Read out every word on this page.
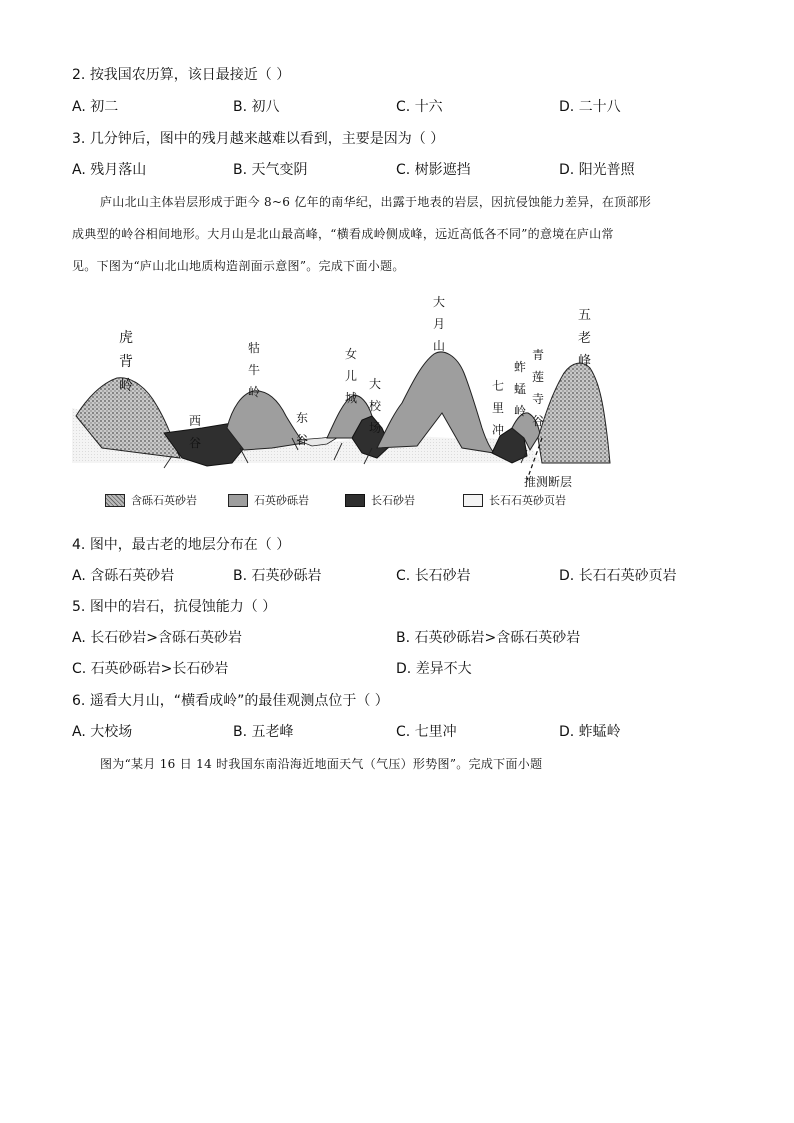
2. 按我国农历算，该日最接近（ ）
A. 初二	B. 初八	C. 十六	D. 二十八
3. 几分钟后，图中的残月越来越难以看到，主要是因为（ ）
A. 残月落山	B. 天气变阴	C. 树影遮挡	D. 阳光普照
庐山北山主体岩层形成于距今 8~6 亿年的南华纪，出露于地表的岩层，因抗侵蚀能力差异，在顶部形
成典型的岭谷相间地形。大月山是北山最高峰，“横看成岭侧成峰，远近高低各不同”的意境在庐山常
见。下图为“庐山北山地质构造剖面示意图”。完成下面小题。
虎背岭
西谷
牯牛岭
东谷
女儿城
大校场
大月山
七里冲
蚱蜢岭
青莲寺谷
五老峰
推测断层
含砾石英砂岩	石英砂砾岩	长石砂岩	长石石英砂页岩
4. 图中，最古老的地层分布在（ ）
A. 含砾石英砂岩	B. 石英砂砾岩	C. 长石砂岩	D. 长石石英砂页岩
5. 图中的岩石，抗侵蚀能力（ ）
A. 长石砂岩>含砾石英砂岩	B. 石英砂砾岩>含砾石英砂岩
C. 石英砂砾岩>长石砂岩	D. 差异不大
6. 遥看大月山，“横看成岭”的最佳观测点位于（ ）
A. 大校场	B. 五老峰	C. 七里冲	D. 蚱蜢岭
图为“某月 16 日 14 时我国东南沿海近地面天气（气压）形势图”。完成下面小题
